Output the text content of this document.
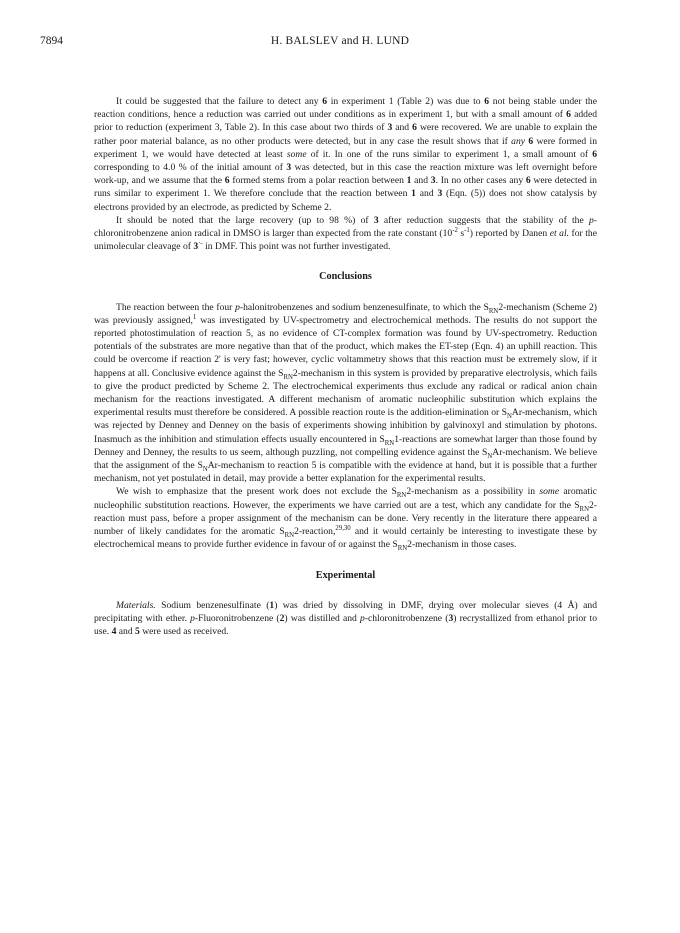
7894	H. BALSLEV and H. LUND

It could be suggested that the failure to detect any 6 in experiment 1 (Table 2) was due to 6 not being stable under the reaction conditions, hence a reduction was carried out under conditions as in experiment 1, but with a small amount of 6 added prior to reduction (experiment 3, Table 2). In this case about two thirds of 3 and 6 were recovered. We are unable to explain the rather poor material balance, as no other products were detected, but in any case the result shows that if any 6 were formed in experiment 1, we would have detected at least some of it. In one of the runs similar to experiment 1, a small amount of 6 corresponding to 4.0 % of the initial amount of 3 was detected, but in this case the reaction mixture was left overnight before work-up, and we assume that the 6 formed stems from a polar reaction between 1 and 3. In no other cases any 6 were detected in runs similar to experiment 1. We therefore conclude that the reaction between 1 and 3 (Eqn. (5)) does not show catalysis by electrons provided by an electrode, as predicted by Scheme 2.

It should be noted that the large recovery (up to 98 %) of 3 after reduction suggests that the stability of the p-chloronitrobenzene anion radical in DMSO is larger than expected from the rate constant ($10^{-2}$ $s^{-1}$) reported by Danen et al. for the unimolecular cleavage of 3·- in DMF. This point was not further investigated.

Conclusions

The reaction between the four p-halonitrobenzenes and sodium benzenesulfinate, to which the $S_{RN}2$-mechanism (Scheme 2) was previously assigned,$^1$ was investigated by UV-spectrometry and electrochemical methods. The results do not support the reported photostimulation of reaction 5, as no evidence of CT-complex formation was found by UV-spectrometry. Reduction potentials of the substrates are more negative than that of the product, which makes the ET-step (Eqn. 4) an uphill reaction. This could be overcome if reaction 2' is very fast; however, cyclic voltammetry shows that this reaction must be extremely slow, if it happens at all. Conclusive evidence against the $S_{RN}2$-mechanism in this system is provided by preparative electrolysis, which fails to give the product predicted by Scheme 2. The electrochemical experiments thus exclude any radical or radical anion chain mechanism for the reactions investigated. A different mechanism of aromatic nucleophilic substitution which explains the experimental results must therefore be considered. A possible reaction route is the addition-elimination or $S_NAr$-mechanism, which was rejected by Denney and Denney on the basis of experiments showing inhibition by galvinoxyl and stimulation by photons. Inasmuch as the inhibition and stimulation effects usually encountered in $S_{RN}1$-reactions are somewhat larger than those found by Denney and Denney, the results to us seem, although puzzling, not compelling evidence against the $S_NAr$-mechanism. We believe that the assignment of the $S_NAr$-mechanism to reaction 5 is compatible with the evidence at hand, but it is possible that a further mechanism, not yet postulated in detail, may provide a better explanation for the experimental results.

We wish to emphasize that the present work does not exclude the $S_{RN}2$-mechanism as a possibility in some aromatic nucleophilic substitution reactions. However, the experiments we have carried out are a test, which any candidate for the $S_{RN}2$-reaction must pass, before a proper assignment of the mechanism can be done. Very recently in the literature there appeared a number of likely candidates for the aromatic $S_{RN}2-reaction,^{29,30}$ and it would certainly be interesting to investigate these by electrochemical means to provide further evidence in favour of or against the $S_{RN}2$-mechanism in those cases.

Experimental

Materials. Sodium benzenesulfinate (1) was dried by dissolving in DMF, drying over molecular sieves (4 Å) and precipitating with ether. p-Fluoronitrobenzene (2) was distilled and p-chloronitrobenzene (3) recrystallized from ethanol prior to use. 4 and 5 were used as received.
